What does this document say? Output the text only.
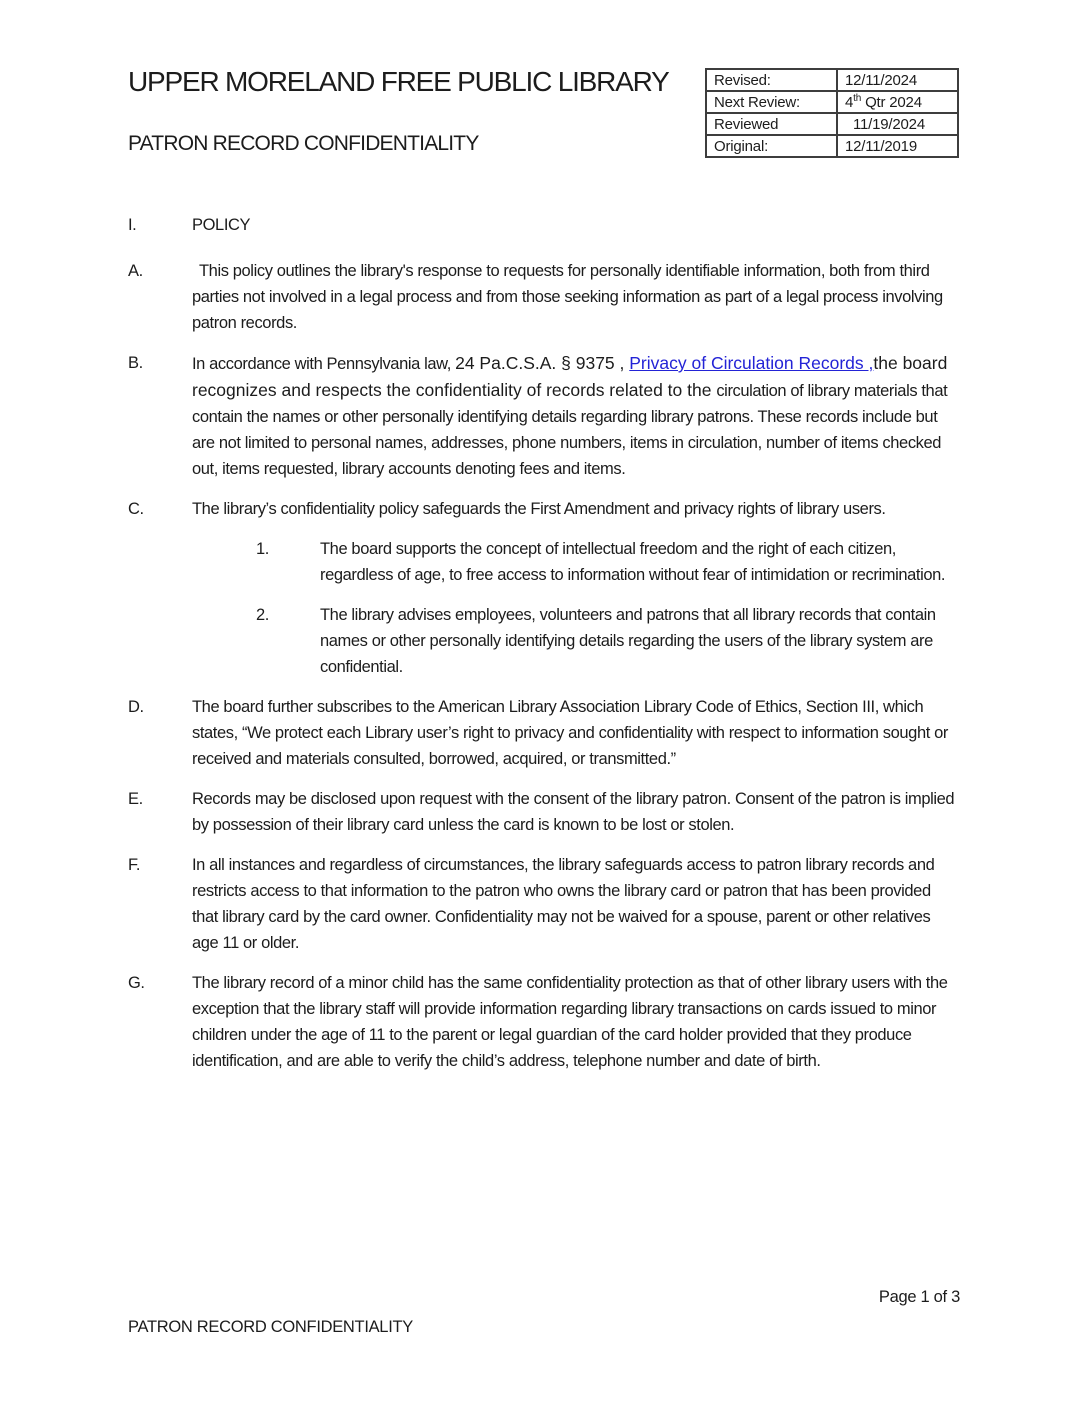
UPPER MORELAND FREE PUBLIC LIBRARY
PATRON RECORD CONFIDENTIALITY
Revised:	12/11/2024
Next Review:	4th Qtr 2024
Reviewed	11/19/2024
Original:	12/11/2019
I.	POLICY
A.	This policy outlines the library's response to requests for personally identifiable information, both from third parties not involved in a legal process and from those seeking information as part of a legal process involving patron records.
B.	In accordance with Pennsylvania law, 24 Pa.C.S.A. § 9375 , Privacy of Circulation Records ,the board recognizes and respects the confidentiality of records related to the circulation of library materials that contain the names or other personally identifying details regarding library patrons. These records include but are not limited to personal names, addresses, phone numbers, items in circulation, number of items checked out, items requested, library accounts denoting fees and items.
C.	The library’s confidentiality policy safeguards the First Amendment and privacy rights of library users.
1.	The board supports the concept of intellectual freedom and the right of each citizen, regardless of age, to free access to information without fear of intimidation or recrimination.
2.	The library advises employees, volunteers and patrons that all library records that contain names or other personally identifying details regarding the users of the library system are confidential.
D.	The board further subscribes to the American Library Association Library Code of Ethics, Section III, which states, “We protect each Library user’s right to privacy and confidentiality with respect to information sought or received and materials consulted, borrowed, acquired, or transmitted.”
E.	Records may be disclosed upon request with the consent of the library patron. Consent of the patron is implied by possession of their library card unless the card is known to be lost or stolen.
F.	In all instances and regardless of circumstances, the library safeguards access to patron library records and restricts access to that information to the patron who owns the library card or patron that has been provided that library card by the card owner. Confidentiality may not be waived for a spouse, parent or other relatives age 11 or older.
G.	The library record of a minor child has the same confidentiality protection as that of other library users with the exception that the library staff will provide information regarding library transactions on cards issued to minor children under the age of 11 to the parent or legal guardian of the card holder provided that they produce identification, and are able to verify the child’s address, telephone number and date of birth.
Page 1 of 3
PATRON RECORD CONFIDENTIALITY
